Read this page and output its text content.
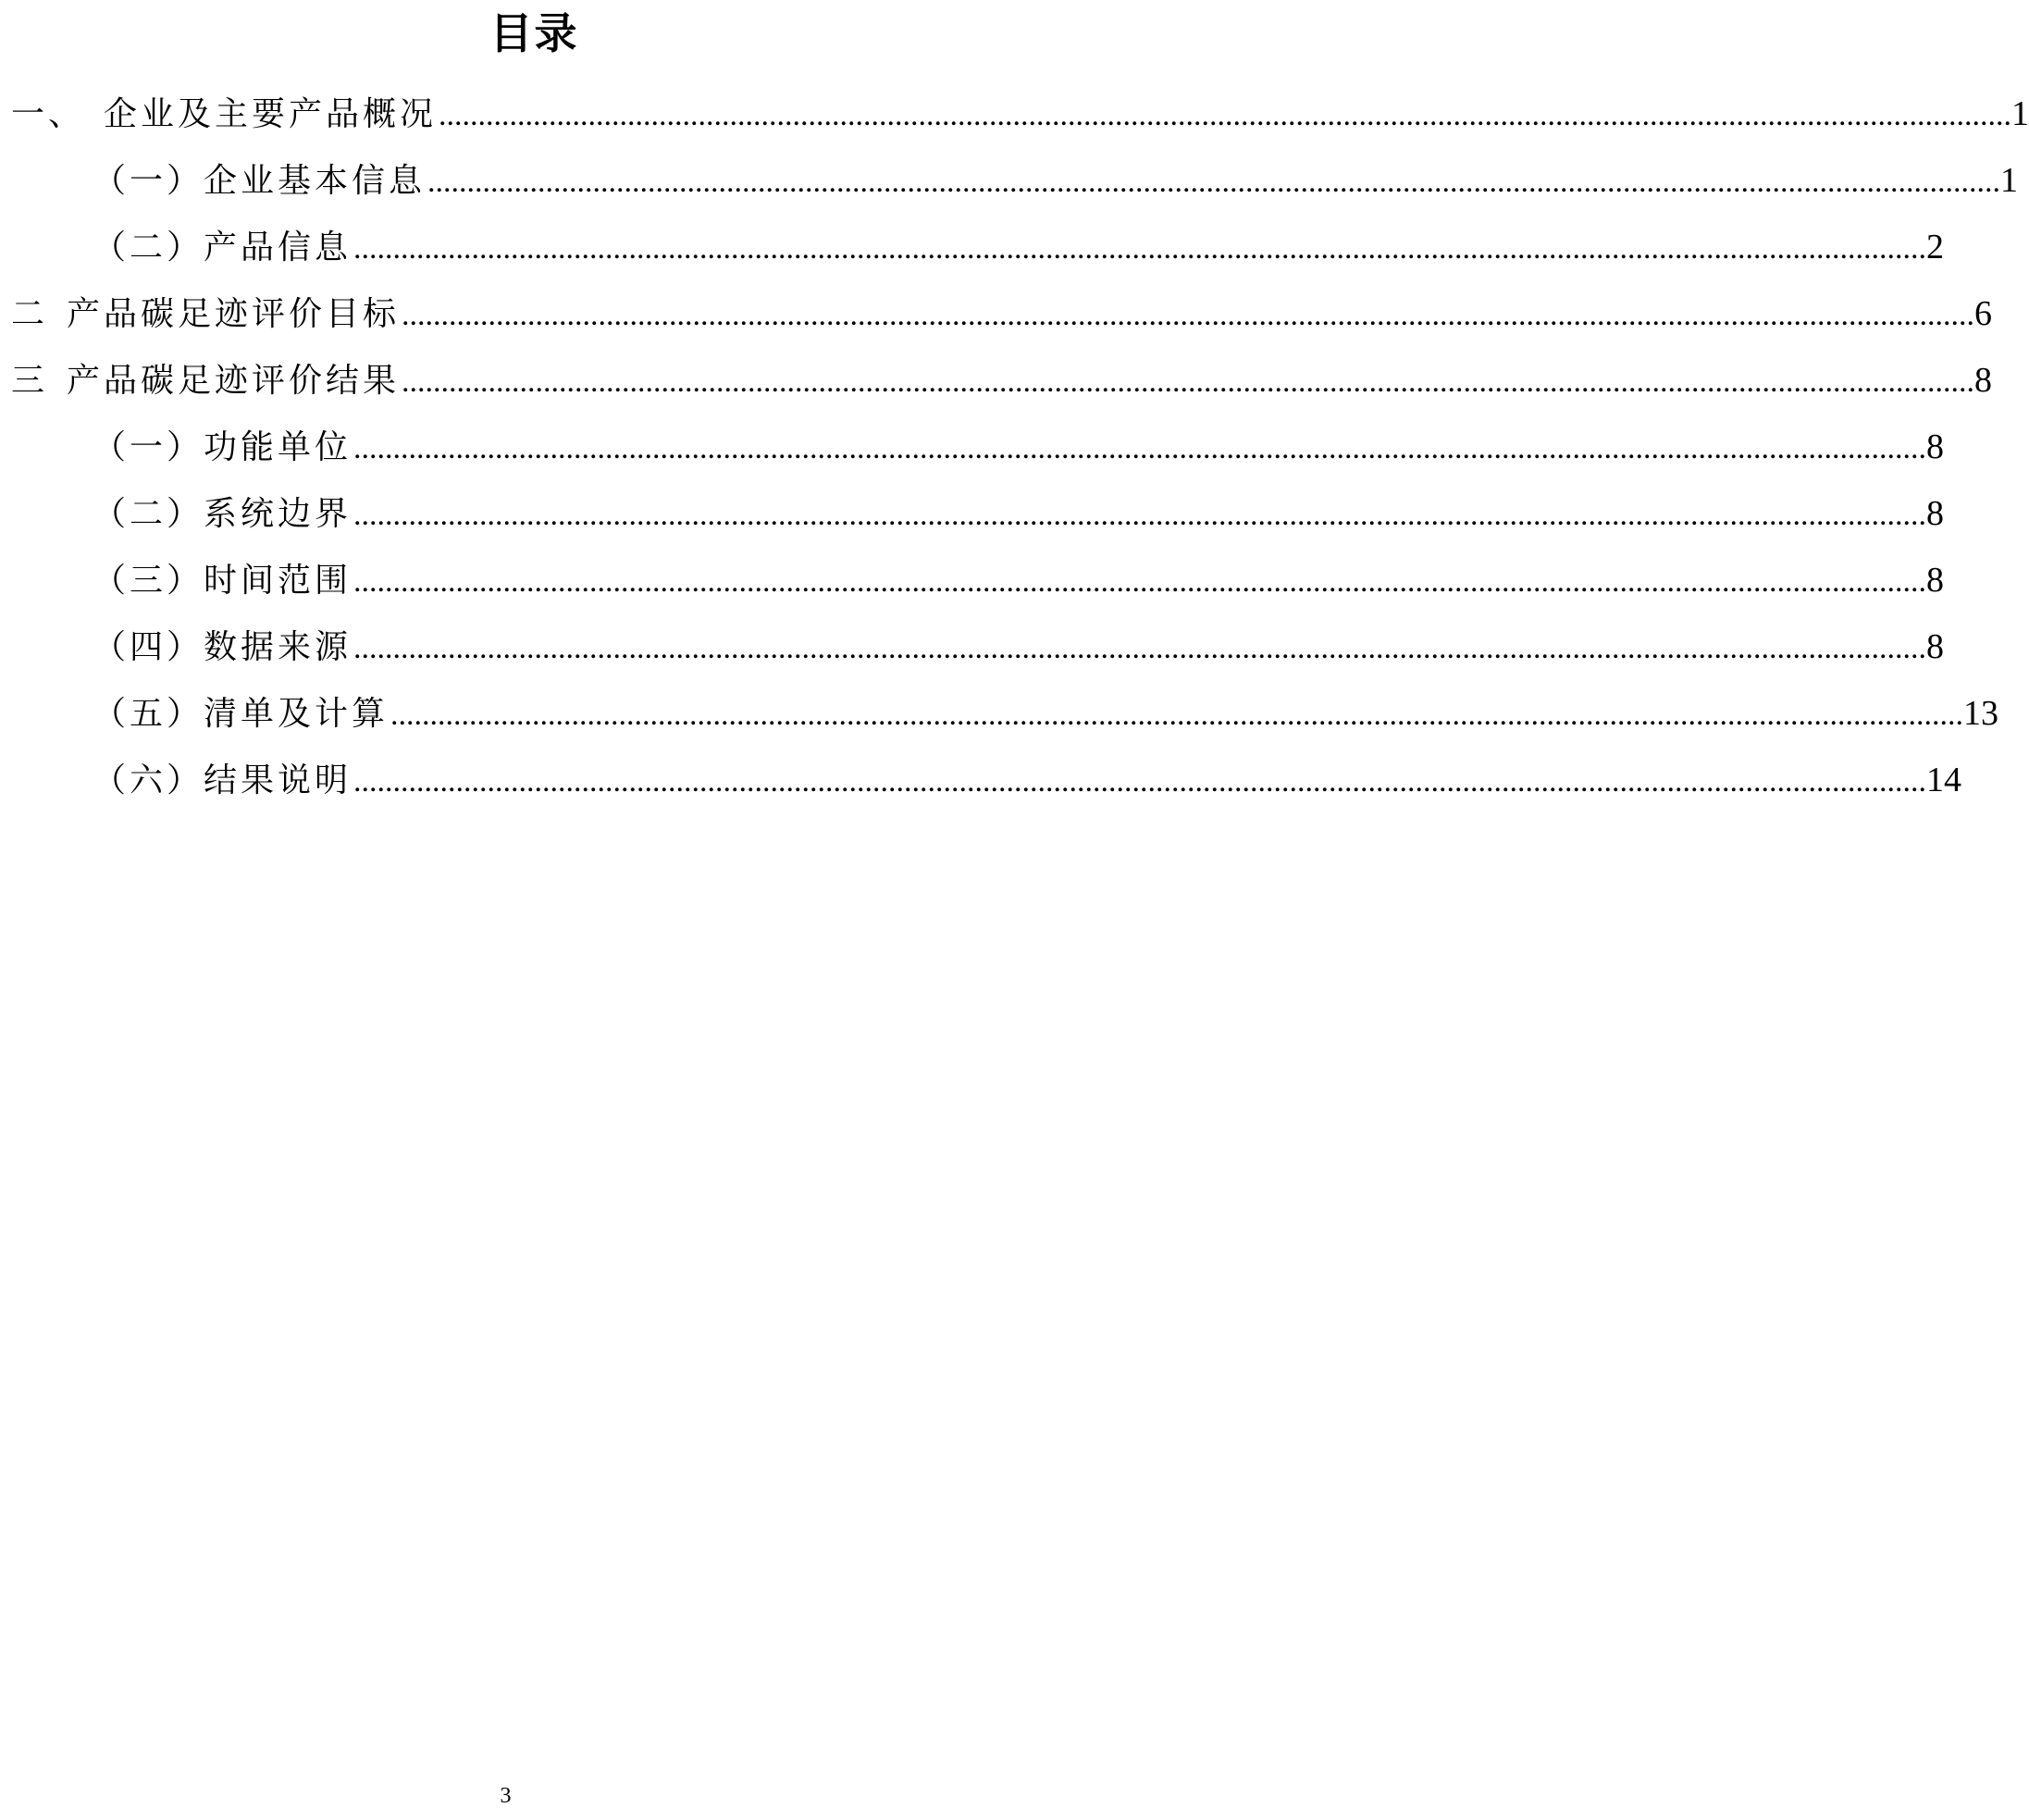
目录
一、 企业及主要产品概况 ........................................................................................................................................................................................................ 1
（一） 企业基本信息 ........................................................................................................................................................................................................ 1
（二） 产品信息 ........................................................................................................................................................................................................ 2
二 产品碳足迹评价目标 ........................................................................................................................................................................................................ 6
三 产品碳足迹评价结果 ........................................................................................................................................................................................................ 8
（一） 功能单位 ........................................................................................................................................................................................................ 8
（二） 系统边界 ........................................................................................................................................................................................................ 8
（三） 时间范围 ........................................................................................................................................................................................................ 8
（四） 数据来源 ........................................................................................................................................................................................................ 8
（五） 清单及计算 ........................................................................................................................................................................................................ 13
（六） 结果说明 ........................................................................................................................................................................................................ 14
3
